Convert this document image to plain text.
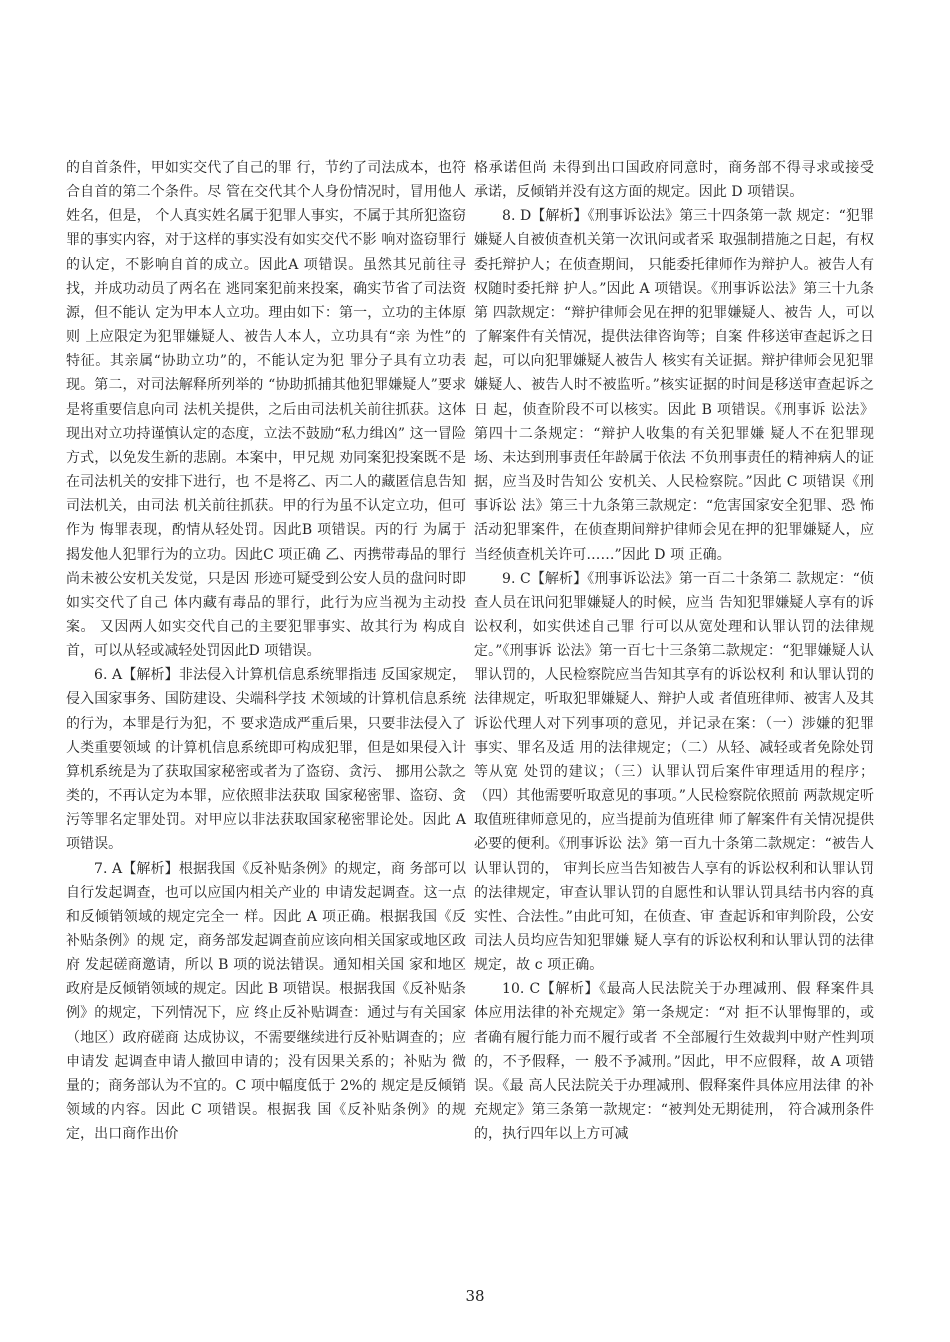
的自首条件，甲如实交代了自己的罪 行，节约了司法成本，也符合自首的第二个条件。尽 管在交代其个人身份情况时，冒用他人姓名，但是， 个人真实姓名属于犯罪人事实，不属于其所犯盗窃 罪的事实内容，对于这样的事实没有如实交代不影 响对盗窃罪行的认定，不影响自首的成立。因此A 项错误。虽然其兄前往寻找，并成功动员了两名在 逃同案犯前来投案，确实节省了司法资源，但不能认 定为甲本人立功。理由如下：第一，立功的主体原则 上应限定为犯罪嫌疑人、被告人本人，立功具有“亲 为性”的特征。其亲属“协助立功”的，不能认定为犯 罪分子具有立功表现。第二，对司法解释所列举的 “协助抓捕其他犯罪嫌疑人”要求是将重要信息向司 法机关提供，之后由司法机关前往抓获。这体现出对立功持谨慎认定的态度，立法不鼓励“私力缉凶” 这一冒险方式，以免发生新的悲剧。本案中，甲兄规 劝同案犯投案既不是在司法机关的安排下进行，也 不是将乙、丙二人的藏匿信息告知司法机关，由司法 机关前往抓获。甲的行为虽不认定立功，但可作为 悔罪表现，酌情从轻处罚。因此B 项错误。丙的行 为属于揭发他人犯罪行为的立功。因此C 项正确 乙、丙携带毒品的罪行尚未被公安机关发觉，只是因 形迹可疑受到公安人员的盘问时即如实交代了自己 体内藏有毒品的罪行，此行为应当视为主动投案。 又因两人如实交代自己的主要犯罪事实、故其行为 构成自首，可以从轻或减轻处罚因此D 项错误。

6. A【解析】非法侵入计算机信息系统罪指违 反国家规定，侵入国家事务、国防建设、尖端科学技 术领域的计算机信息系统的行为，本罪是行为犯，不 要求造成严重后果，只要非法侵入了人类重要领域 的计算机信息系统即可构成犯罪，但是如果侵入计 算机系统是为了获取国家秘密或者为了盗窃、贪污、 挪用公款之类的，不再认定为本罪，应依照非法获取 国家秘密罪、盗窃、贪污等罪名定罪处罚。对甲应以非法获取国家秘密罪论处。因此 A 项错误。

7. A【解析】根据我国《反补贴条例》的规定，商 务部可以自行发起调查，也可以应国内相关产业的 申请发起调查。这一点和反倾销领域的规定完全一 样。因此 A 项正确。根据我国《反补贴条例》的规 定，商务部发起调查前应该向相关国家或地区政府 发起磋商邀请，所以 B 项的说法错误。通知相关国 家和地区政府是反倾销领域的规定。因此 B 项错误。根据我国《反补贴条例》的规定，下列情况下，应 终止反补贴调查：通过与有关国家（地区）政府磋商 达成协议，不需要继续进行反补贴调查的；应申请发 起调查申请人撤回申请的；没有因果关系的；补贴为 微量的；商务部认为不宜的。C 项中幅度低于 2%的 规定是反倾销领域的内容。因此 C 项错误。根据我 国《反补贴条例》的规定，出口商作出价

格承诺但尚 未得到出口国政府同意时，商务部不得寻求或接受 承诺，反倾销并没有这方面的规定。因此 D 项错误。

8. D【解析】《刑事诉讼法》第三十四条第一款 规定：“犯罪嫌疑人自被侦查机关第一次讯问或者采 取强制措施之日起，有权委托辩护人；在侦查期间， 只能委托律师作为辩护人。被告人有权随时委托辩 护人。”因此 A 项错误。《刑事诉讼法》第三十九条第 四款规定：“辩护律师会见在押的犯罪嫌疑人、被告 人，可以了解案件有关情况，提供法律咨询等；自案 件移送审查起诉之日起，可以向犯罪嫌疑人被告人 核实有关证据。辩护律师会见犯罪嫌疑人、被告人时不被监听。”核实证据的时间是移送审查起诉之日 起，侦查阶段不可以核实。因此 B 项错误。《刑事诉 讼法》第四十二条规定：“辩护人收集的有关犯罪嫌 疑人不在犯罪现场、未达到刑事责任年龄属于依法 不负刑事责任的精神病人的证据，应当及时告知公 安机关、人民检察院。”因此 C 项错误《刑事诉讼 法》第三十九条第三款规定：“危害国家安全犯罪、恐 怖活动犯罪案件，在侦查期间辩护律师会见在押的犯罪嫌疑人，应当经侦查机关许可……”因此 D 项 正确。

9. C【解析】《刑事诉讼法》第一百二十条第二 款规定：“侦查人员在讯问犯罪嫌疑人的时候，应当 告知犯罪嫌疑人享有的诉讼权利，如实供述自己罪 行可以从宽处理和认罪认罚的法律规定。”《刑事诉 讼法》第一百七十三条第二款规定：“犯罪嫌疑人认 罪认罚的，人民检察院应当告知其享有的诉讼权利 和认罪认罚的法律规定，听取犯罪嫌疑人、辩护人或 者值班律师、被害人及其诉讼代理人对下列事项的意见，并记录在案：（一）涉嫌的犯罪事实、罪名及适 用的法律规定；（二）从轻、减轻或者免除处罚等从宽 处罚的建议；（三）认罪认罚后案件审理适用的程序； （四）其他需要听取意见的事项。”人民检察院依照前 两款规定听取值班律师意见的，应当提前为值班律 师了解案件有关情况提供必要的便利。《刑事诉讼 法》第一百九十条第二款规定：“被告人认罪认罚的， 审判长应当告知被告人享有的诉讼权利和认罪认罚 的法律规定，审查认罪认罚的自愿性和认罪认罚具结书内容的真实性、合法性。”由此可知，在侦查、审 查起诉和审判阶段，公安司法人员均应告知犯罪嫌 疑人享有的诉讼权利和认罪认罚的法律规定，故 c 项正确。

10. C【解析】《最高人民法院关于办理减刑、假 释案件具体应用法律的补充规定》第一条规定：“对 拒不认罪悔罪的，或者确有履行能力而不履行或者 不全部履行生效裁判中财产性判项的，不予假释，一 般不予减刑。”因此，甲不应假释，故 A 项错误。《最 高人民法院关于办理减刑、假释案件具体应用法律 的补充规定》第三条第一款规定：“被判处无期徒刑， 符合减刑条件的，执行四年以上方可减

38
